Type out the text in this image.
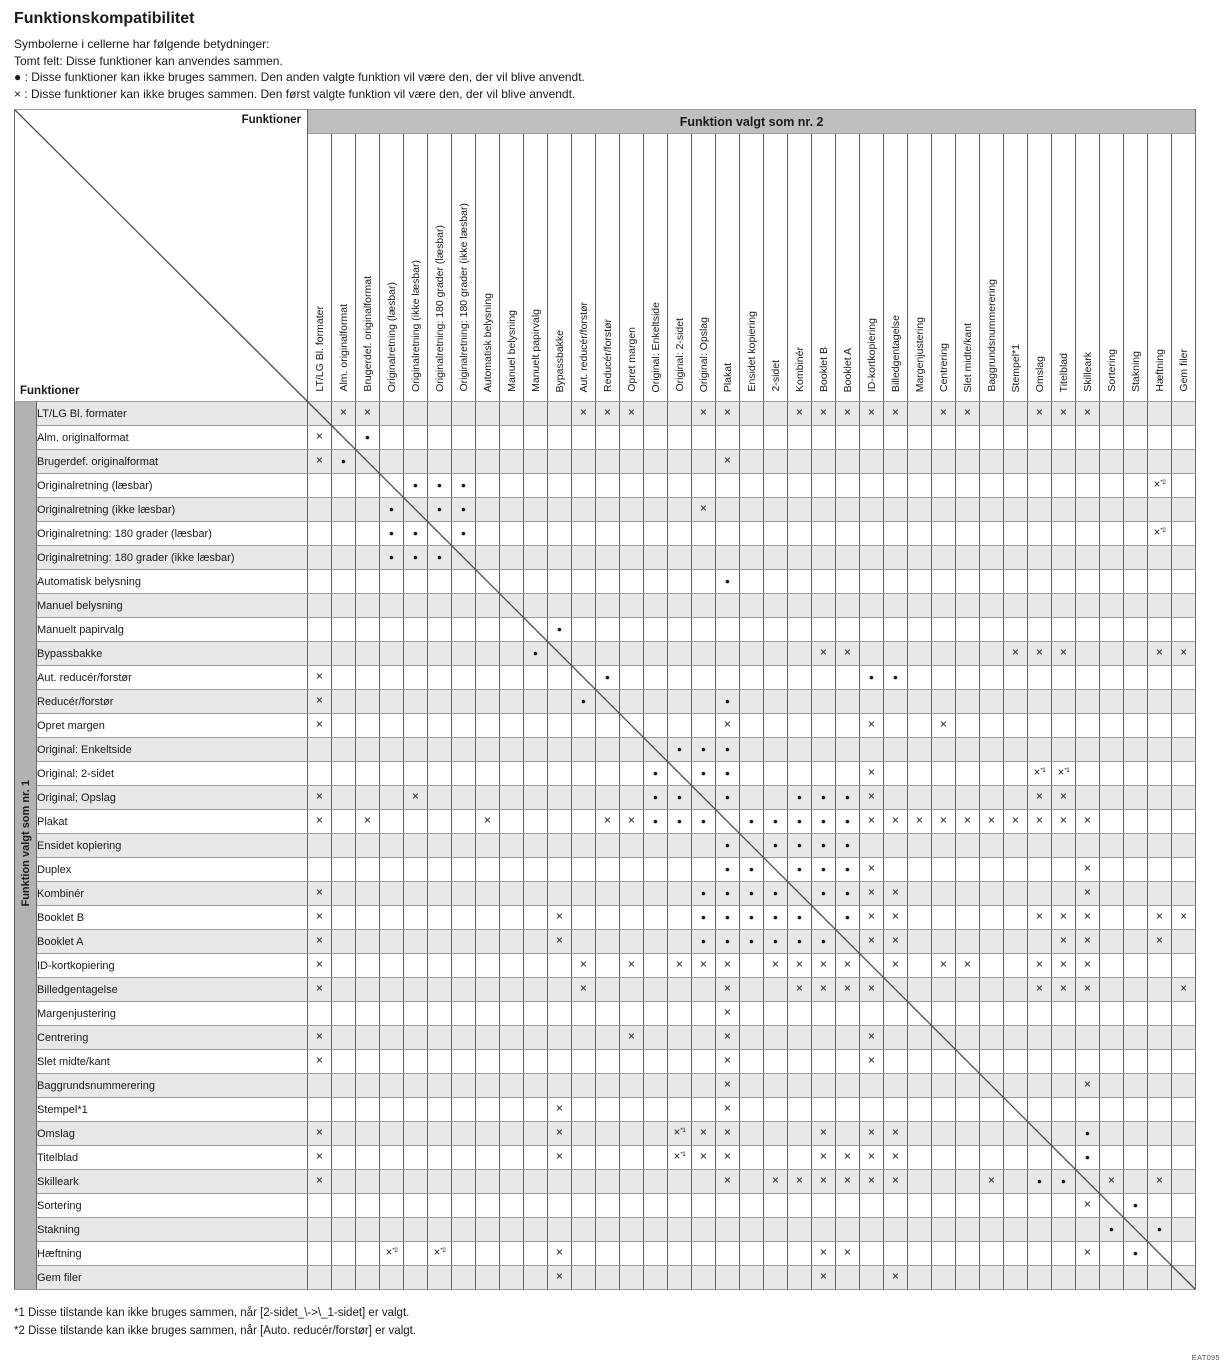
Funktionskompatibilitet
Symbolerne i cellerne har følgende betydninger:
Tomt felt: Disse funktioner kan anvendes sammen.
● : Disse funktioner kan ikke bruges sammen. Den anden valgte funktion vil være den, der vil blive anvendt.
× : Disse funktioner kan ikke bruges sammen. Den først valgte funktion vil være den, der vil blive anvendt.
Funktioner
Funktioner		Funktion valgt som nr. 2																																				
		LT/LG Bl. formater	Alm. originalformat	Brugerdef. originalformat	Originalretning (læsbar)	Originalretning (ikke læsbar)	Originalretning: 180 grader (læsbar)	Originalretning: 180 grader (ikke læsbar)	Automatisk belysning	Manuel belysning	Manuelt papirvalg	Bypassbakke	Aut. reducér/forstør	Reducér/forstør	Opret margen	Original: Enkeltside	Original: 2-sidet	Original: Opslag	Plakat	Ensidet kopiering	2-sidet	Kombinér	Booklet B	Booklet A	ID-kortkopiering	Billedgentagelse	Margenjustering	Centrering	Slet midte/kant	Baggrundsnummerering	Stempel*1	Omslag	Titelblad	Skilleark	Sortering	Stakning	Hæftning	Gem filer
Funktion valgt som nr. 1	LT/LG Bl. formater		×	×									×	×	×			×	×			×	×	×	×	×		×	×			×	×	×				
	Alm. originalformat	×		●																																		
	Brugerdef. originalformat	×	●																×																			
	Originalretning (læsbar)					●	●	●																													×$^{*2}$	
	Originalretning (ikke læsbar)				●		●	●										×																				
	Originalretning: 180 grader (læsbar)				●	●		●																													×$^{*2}$	
	Originalretning: 180 grader (ikke læsbar)				●	●	●																															
	Automatisk belysning																		●																			
	Manuel belysning																																					
	Manuelt papirvalg											●																										
	Bypassbakke										●												×	×							×	×	×				×	×
	Aut. reducér/forstør	×												●											●	●												
	Reducér/forstør	×											●						●																			
	Opret margen	×																	×						×			×										
	Original: Enkeltside																●	●	●																			
	Original: 2-sidet															●		●	●						×							×$^{*1}$	×$^{*1}$					
	Original; Opslag	×				×										●	●		●			●	●	●	×							×	×					
	Plakat	×		×					×					×	×	●	●	●		●	●	●	●	●	×	×	×	×	×	×	×	×	×	×				
	Ensidet kopiering																		●		●	●	●	●														
	Duplex																		●	●		●	●	●	×									×				
	Kombinér	×																●	●	●	●		●	●	×	×								×				
	Booklet B	×										×						●	●	●	●	●		●	×	×						×	×	×			×	×
	Booklet A	×										×						●	●	●	●	●	●		×	×							×	×			×	
	ID-kortkopiering	×											×		×		×	×	×		×	×	×	×		×		×	×			×	×	×				
	Billedgentagelse	×											×						×			×	×	×	×							×	×	×				×
	Margenjustering																		×																			
	Centrering	×													×				×						×													
	Slet midte/kant	×																	×						×													
	Baggrundsnummerering																		×															×				
	Stempel*1											×							×																			
	Omslag	×										×					×$^{*1}$	×	×				×		×	×								●				
	Titelblad	×										×					×$^{*1}$	×	×				×	×	×	×								●				
	Skilleark	×																	×		×	×	×	×	×	×				×		●	●		×		×	
	Sortering																																	×		●		
	Stakning																																		●		●	
	Hæftning				×$^{*2}$		×$^{*2}$					×											×	×										×		●		
	Gem filer											×											×			×												
*1 Disse tilstande kan ikke bruges sammen, når [2-sidet_\->\_1-sidet] er valgt.
*2 Disse tilstande kan ikke bruges sammen, når [Auto. reducér/forstør] er valgt.
EAT095
